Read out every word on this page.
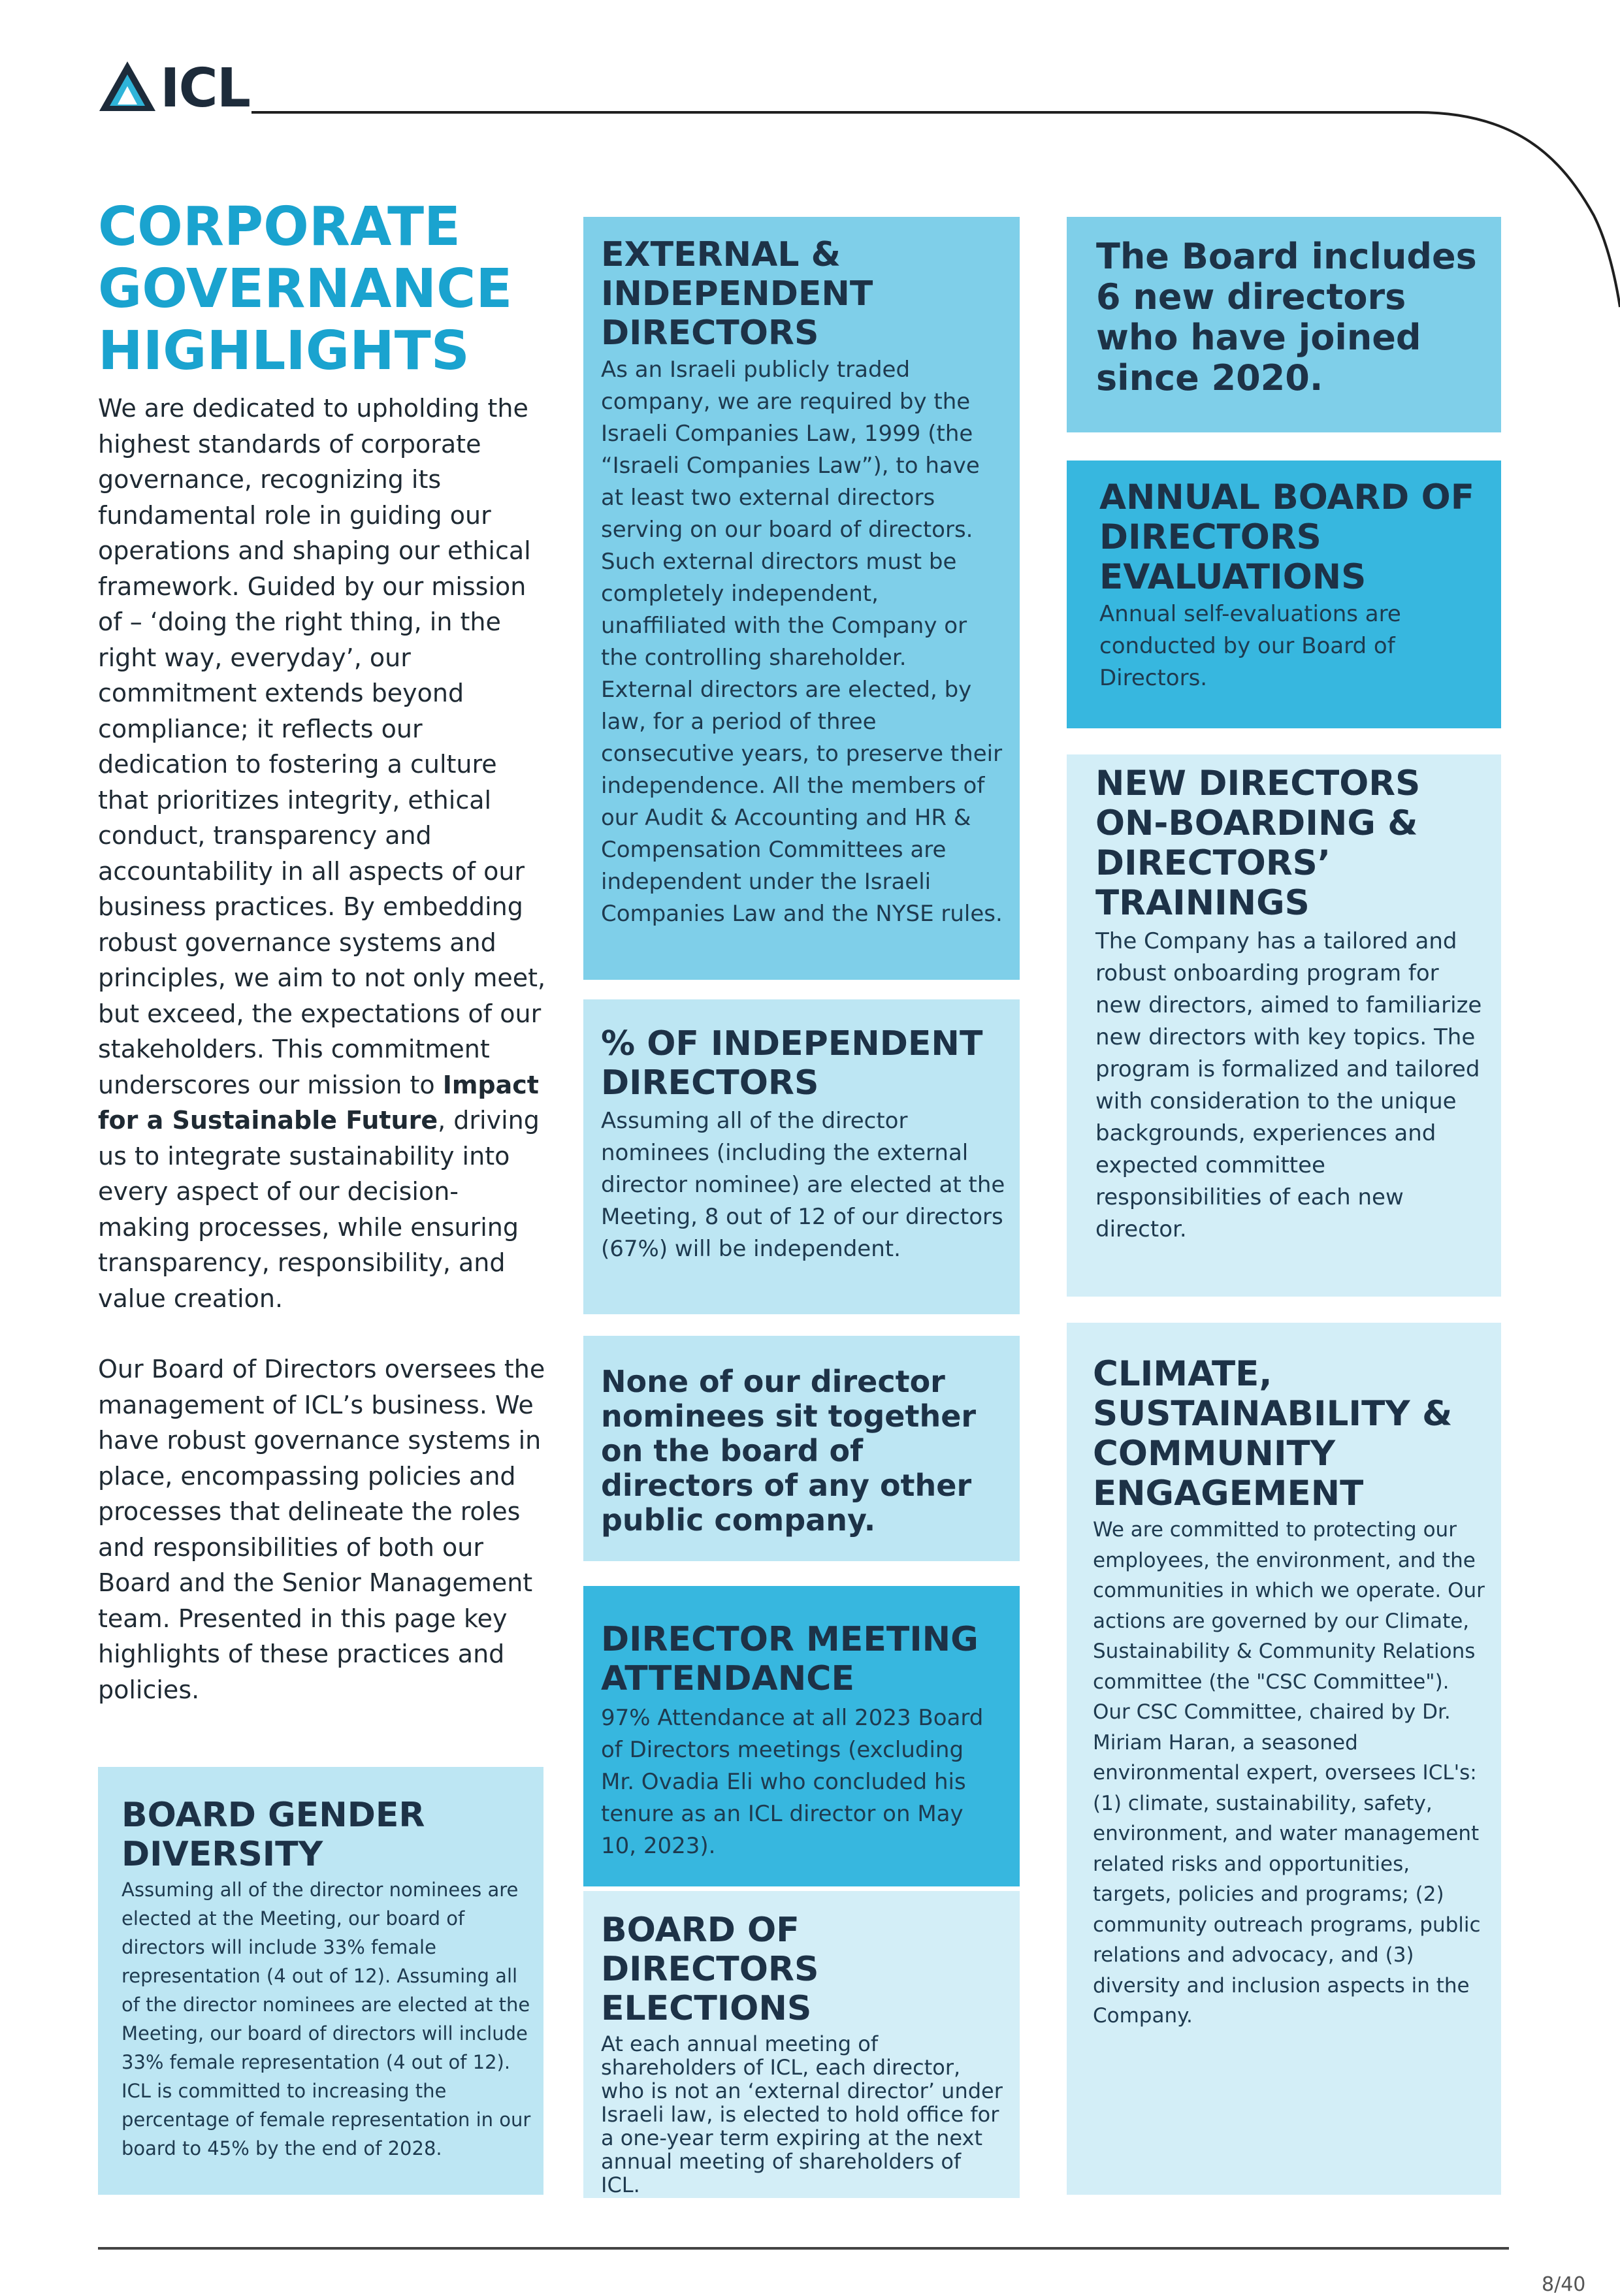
ICL
CORPORATE GOVERNANCE HIGHLIGHTS

We are dedicated to upholding the highest standards of corporate governance, recognizing its fundamental role in guiding our operations and shaping our ethical framework. Guided by our mission of – ‘doing the right thing, in the right way, everyday’, our commitment extends beyond compliance; it reflects our dedication to fostering a culture that prioritizes integrity, ethical conduct, transparency and accountability in all aspects of our business practices. By embedding robust governance systems and principles, we aim to not only meet, but exceed, the expectations of our stakeholders. This commitment underscores our mission to Impact for a Sustainable Future, driving us to integrate sustainability into every aspect of our decision-making processes, while ensuring transparency, responsibility, and value creation.

Our Board of Directors oversees the management of ICL’s business. We have robust governance systems in place, encompassing policies and processes that delineate the roles and responsibilities of both our Board and the Senior Management team. Presented in this page key highlights of these practices and policies.

EXTERNAL & INDEPENDENT DIRECTORS

As an Israeli publicly traded company, we are required by the Israeli Companies Law, 1999 (the “Israeli Companies Law”), to have at least two external directors serving on our board of directors. Such external directors must be completely independent, unaffiliated with the Company or the controlling shareholder. External directors are elected, by law, for a period of three consecutive years, to preserve their independence. All the members of our Audit & Accounting and HR & Compensation Committees are independent under the Israeli Companies Law and the NYSE rules.

% OF INDEPENDENT DIRECTORS

Assuming all of the director nominees (including the external director nominee) are elected at the Meeting, 8 out of 12 of our directors (67%) will be independent.

None of our director nominees sit together on the board of directors of any other public company.
DIRECTOR MEETING ATTENDANCE

97% Attendance at all 2023 Board of Directors meetings (excluding Mr. Ovadia Eli who concluded his tenure as an ICL director on May 10, 2023).

BOARD OF DIRECTORS ELECTIONS

At each annual meeting of shareholders of ICL, each director, who is not an ‘external director’ under Israeli law, is elected to hold office for a one-year term expiring at the next annual meeting of shareholders of ICL.

BOARD GENDER DIVERSITY

Assuming all of the director nominees are elected at the Meeting, our board of directors will include 33% female representation (4 out of 12). Assuming all of the director nominees are elected at the Meeting, our board of directors will include 33% female representation (4 out of 12). ICL is committed to increasing the percentage of female representation in our board to 45% by the end of 2028.

The Board includes 6 new directors who have joined since 2020.
ANNUAL BOARD OF DIRECTORS EVALUATIONS

Annual self-evaluations are conducted by our Board of Directors.

NEW DIRECTORS ON-BOARDING & DIRECTORS’ TRAININGS

The Company has a tailored and robust onboarding program for new directors, aimed to familiarize new directors with key topics. The program is formalized and tailored with consideration to the unique backgrounds, experiences and expected committee responsibilities of each new director.

CLIMATE, SUSTAINABILITY & COMMUNITY ENGAGEMENT

We are committed to protecting our employees, the environment, and the communities in which we operate. Our actions are governed by our Climate, Sustainability & Community Relations committee (the "CSC Committee"). Our CSC Committee, chaired by Dr. Miriam Haran, a seasoned environmental expert, oversees ICL's: (1) climate, sustainability, safety, environment, and water management related risks and opportunities, targets, policies and programs; (2) community outreach programs, public relations and advocacy, and (3) diversity and inclusion aspects in the Company.

8/40
